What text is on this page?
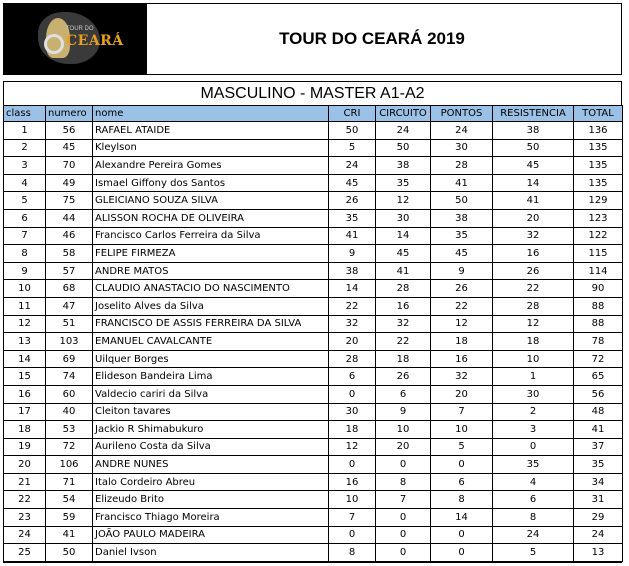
TOUR DO
CEARÁ	TOUR DO CEARÁ 2019
MASCULINO - MASTER A1-A2
class	numero	nome	CRI	CIRCUITO	PONTOS	RESISTENCIA	TOTAL
1	56	RAFAEL ATAIDE	50	24	24	38	136
2	45	Kleylson	5	50	30	50	135
3	70	Alexandre Pereira Gomes	24	38	28	45	135
4	49	Ismael Giffony dos Santos	45	35	41	14	135
5	75	GLEICIANO SOUZA SILVA	26	12	50	41	129
6	44	ALISSON ROCHA DE OLIVEIRA	35	30	38	20	123
7	46	Francisco Carlos Ferreira da Silva	41	14	35	32	122
8	58	FELIPE FIRMEZA	9	45	45	16	115
9	57	ANDRE MATOS	38	41	9	26	114
10	68	CLAUDIO ANASTACIO DO NASCIMENTO	14	28	26	22	90
11	47	Joselito Alves da Silva	22	16	22	28	88
12	51	FRANCISCO DE ASSIS FERREIRA DA SILVA	32	32	12	12	88
13	103	EMANUEL CAVALCANTE	20	22	18	18	78
14	69	Uilquer Borges	28	18	16	10	72
15	74	Elideson Bandeira Lima	6	26	32	1	65
16	60	Valdecio cariri da Silva	0	6	20	30	56
17	40	Cleiton tavares	30	9	7	2	48
18	53	Jackio R Shimabukuro	18	10	10	3	41
19	72	Aurileno Costa da Silva	12	20	5	0	37
20	106	ANDRE NUNES	0	0	0	35	35
21	71	Italo Cordeiro Abreu	16	8	6	4	34
22	54	Elizeudo Brito	10	7	8	6	31
23	59	Francisco Thiago Moreira	7	0	14	8	29
24	41	JOÃO PAULO MADEIRA	0	0	0	24	24
25	50	Daniel Ivson	8	0	0	5	13
